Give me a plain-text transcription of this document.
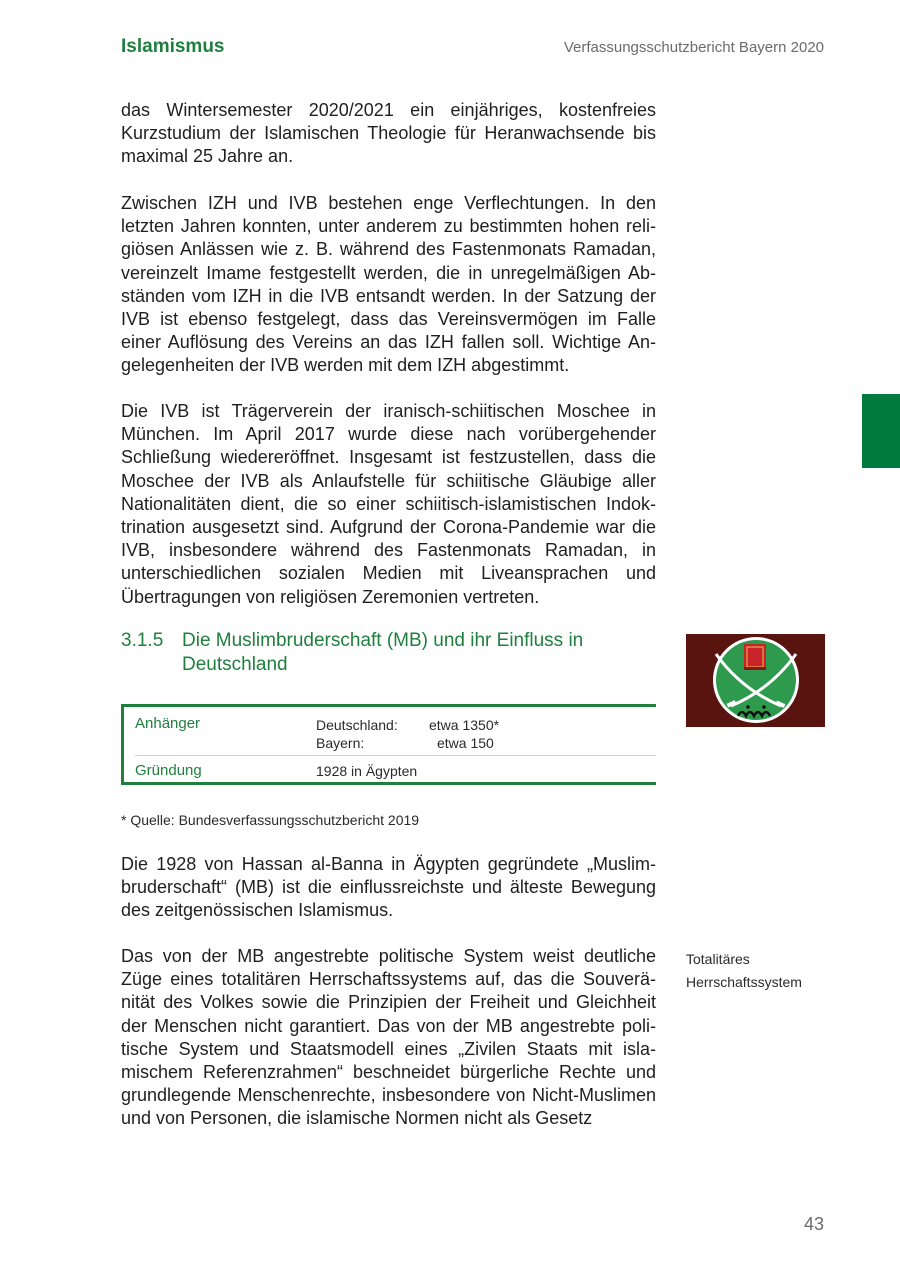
Islamismus	Verfassungsschutzbericht Bayern 2020
das Wintersemester 2020/2021 ein einjähriges, kostenfreies Kurzstudium der Islamischen Theologie für Heranwachsende bis maximal 25 Jahre an.
Zwischen IZH und IVB bestehen enge Verflechtungen. In den letzten Jahren konnten, unter anderem zu bestimmten hohen religiösen Anlässen wie z. B. während des Fastenmonats Ramadan, vereinzelt Imame festgestellt werden, die in unregelmäßigen Abständen vom IZH in die IVB entsandt werden. In der Satzung der IVB ist ebenso festgelegt, dass das Vereinsvermögen im Falle einer Auflösung des Vereins an das IZH fallen soll. Wichtige Angelegenheiten der IVB werden mit dem IZH abgestimmt.
Die IVB ist Trägerverein der iranisch-schiitischen Moschee in München. Im April 2017 wurde diese nach vorübergehender Schließung wiedereröffnet. Insgesamt ist festzustellen, dass die Moschee der IVB als Anlaufstelle für schiitische Gläubige aller Nationalitäten dient, die so einer schiitisch-islamistischen Indoktrination ausgesetzt sind. Aufgrund der Corona-Pandemie war die IVB, insbesondere während des Fastenmonats Ramadan, in unterschiedlichen sozialen Medien mit Liveansprachen und Übertragungen von religiösen Zeremonien vertreten.
3.1.5 Die Muslimbruderschaft (MB) und ihr Einfluss in Deutschland
Anhänger	Deutschland: etwa 1350*
Bayern:	etwa 150
Gründung	1928 in Ägypten
* Quelle: Bundesverfassungsschutzbericht 2019
Die 1928 von Hassan al-Banna in Ägypten gegründete „Muslimbruderschaft“ (MB) ist die einflussreichste und älteste Bewegung des zeitgenössischen Islamismus.
Das von der MB angestrebte politische System weist deutliche Züge eines totalitären Herrschaftssystems auf, das die Souveränität des Volkes sowie die Prinzipien der Freiheit und Gleichheit der Menschen nicht garantiert. Das von der MB angestrebte politische System und Staatsmodell eines „Zivilen Staats mit islamischem Referenzrahmen“ beschneidet bürgerliche Rechte und grundlegende Menschenrechte, insbesondere von Nicht-Muslimen und von Personen, die islamische Normen nicht als Gesetz
Totalitäres
Herrschaftssystem
43
